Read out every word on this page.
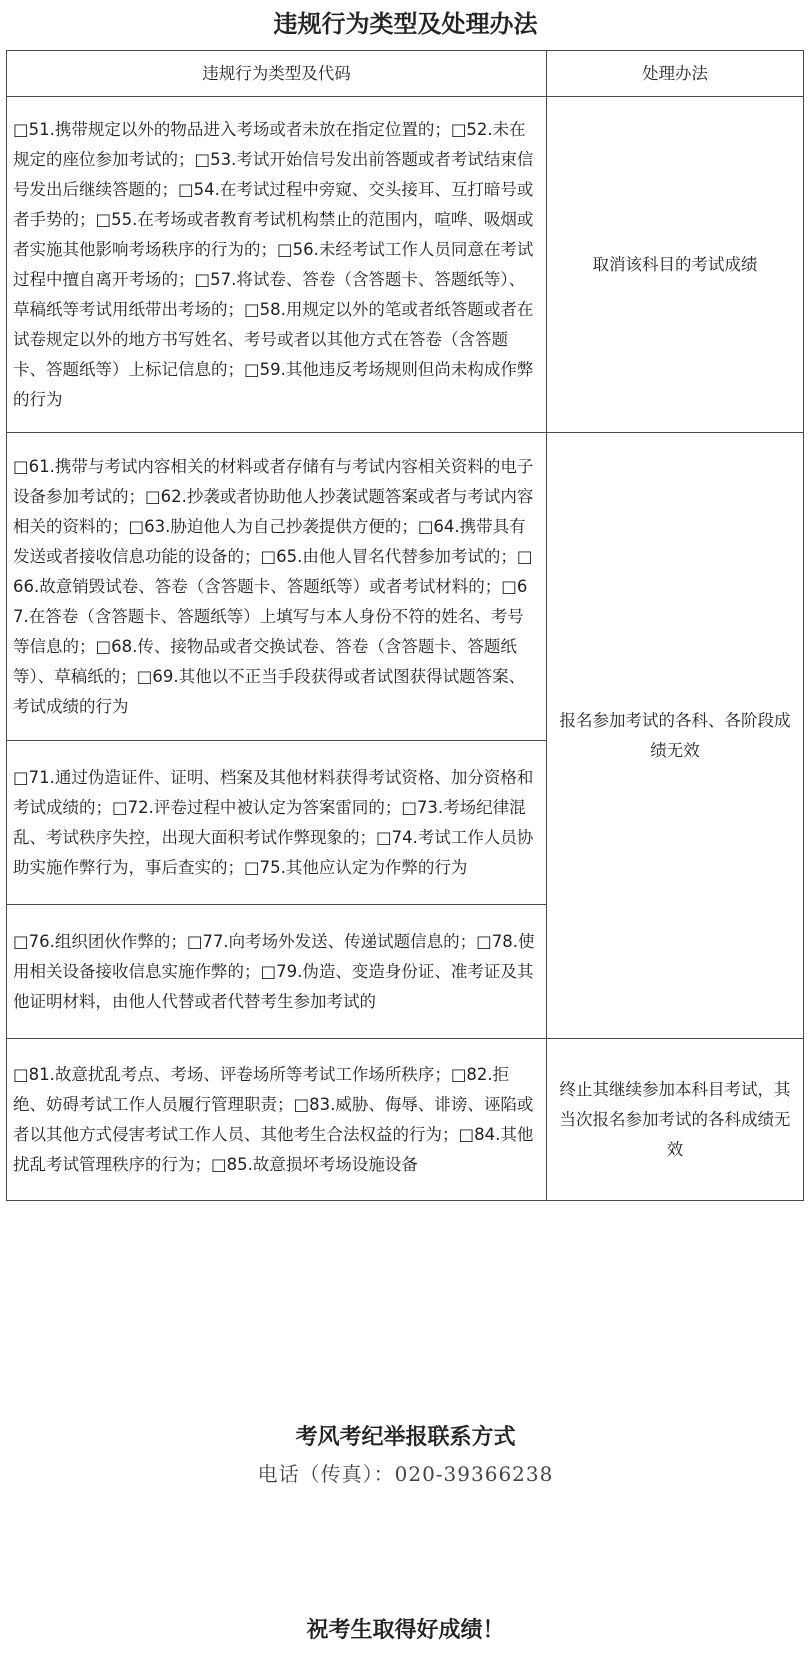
违规行为类型及处理办法
违规行为类型及代码	处理办法
□51.携带规定以外的物品进入考场或者未放在指定位置的；□52.未在规定的座位参加考试的；□53.考试开始信号发出前答题或者考试结束信号发出后继续答题的；□54.在考试过程中旁窥、交头接耳、互打暗号或者手势的；□55.在考场或者教育考试机构禁止的范围内，喧哗、吸烟或者实施其他影响考场秩序的行为的；□56.未经考试工作人员同意在考试过程中擅自离开考场的；□57.将试卷、答卷（含答题卡、答题纸等）、草稿纸等考试用纸带出考场的；□58.用规定以外的笔或者纸答题或者在试卷规定以外的地方书写姓名、考号或者以其他方式在答卷（含答题卡、答题纸等）上标记信息的；□59.其他违反考场规则但尚未构成作弊的行为	取消该科目的考试成绩
□61.携带与考试内容相关的材料或者存储有与考试内容相关资料的电子设备参加考试的；□62.抄袭或者协助他人抄袭试题答案或者与考试内容相关的资料的；□63.胁迫他人为自己抄袭提供方便的；□64.携带具有发送或者接收信息功能的设备的；□65.由他人冒名代替参加考试的；□66.故意销毁试卷、答卷（含答题卡、答题纸等）或者考试材料的；□67.在答卷（含答题卡、答题纸等）上填写与本人身份不符的姓名、考号等信息的；□68.传、接物品或者交换试卷、答卷（含答题卡、答题纸等）、草稿纸的；□69.其他以不正当手段获得或者试图获得试题答案、考试成绩的行为	报名参加考试的各科、各阶段成绩无效
□71.通过伪造证件、证明、档案及其他材料获得考试资格、加分资格和考试成绩的；□72.评卷过程中被认定为答案雷同的；□73.考场纪律混乱、考试秩序失控，出现大面积考试作弊现象的；□74.考试工作人员协助实施作弊行为，事后查实的；□75.其他应认定为作弊的行为	
□76.组织团伙作弊的；□77.向考场外发送、传递试题信息的；□78.使用相关设备接收信息实施作弊的；□79.伪造、变造身份证、准考证及其他证明材料，由他人代替或者代替考生参加考试的	
□81.故意扰乱考点、考场、评卷场所等考试工作场所秩序；□82.拒绝、妨碍考试工作人员履行管理职责；□83.威胁、侮辱、诽谤、诬陷或者以其他方式侵害考试工作人员、其他考生合法权益的行为；□84.其他扰乱考试管理秩序的行为；□85.故意损坏考场设施设备	终止其继续参加本科目考试，其当次报名参加考试的各科成绩无效
考风考纪举报联系方式
电话（传真）：020-39366238
祝考生取得好成绩！
